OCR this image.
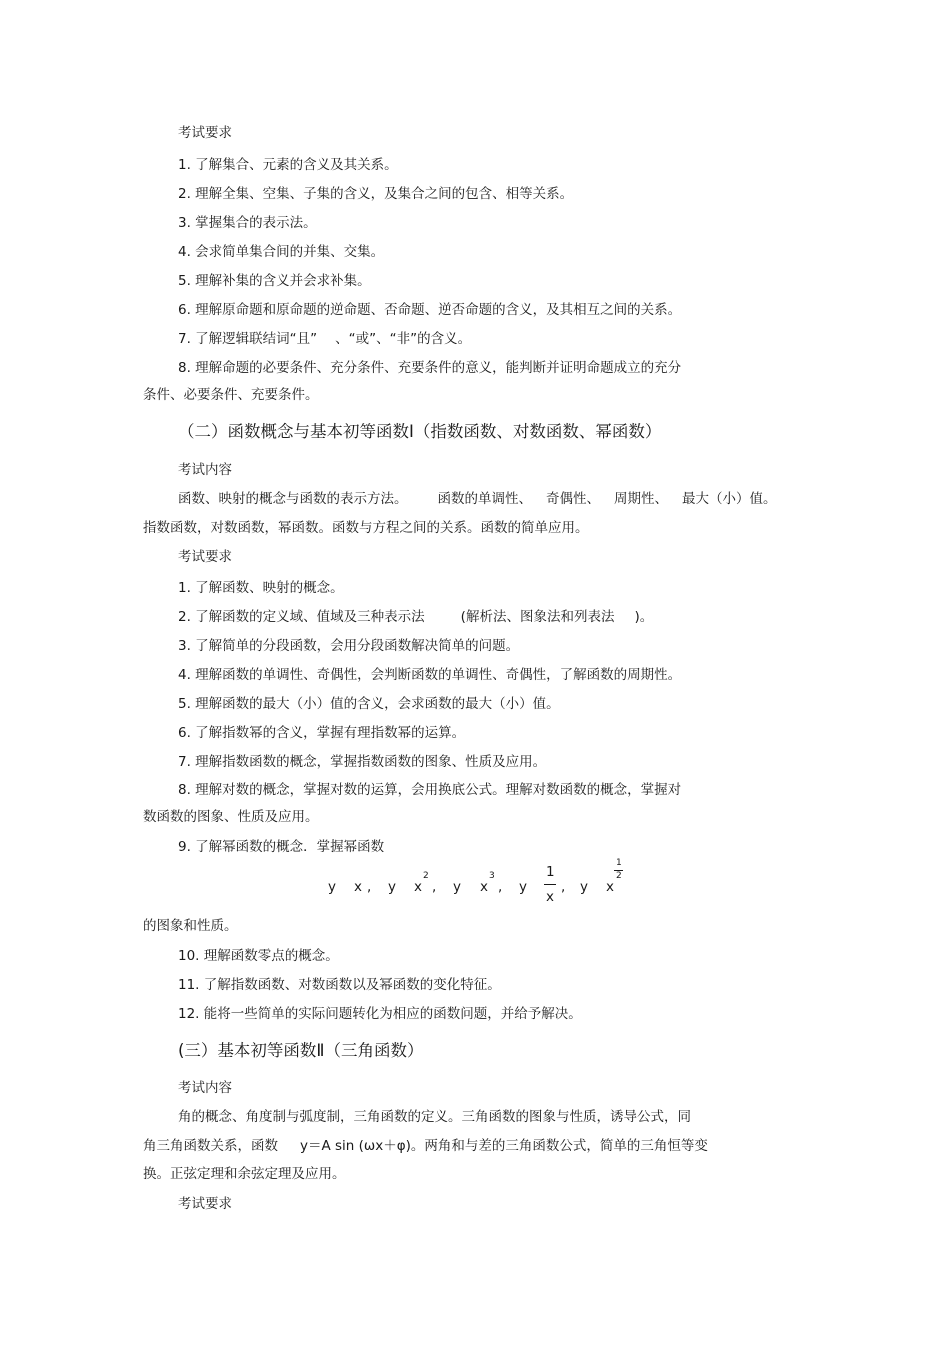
考试要求
1. 了解集合、元素的含义及其关系。
2. 理解全集、空集、子集的含义，及集合之间的包含、相等关系。
3. 掌握集合的表示法。
4. 会求简单集合间的并集、交集。
5. 理解补集的含义并会求补集。
6. 理解原命题和原命题的逆命题、否命题、逆否命题的含义，及其相互之间的关系。
7. 了解逻辑联结词“且” 、“或”、“非”的含义。
8. 理解命题的必要条件、充分条件、充要条件的意义，能判断并证明命题成立的充分
条件、必要条件、充要条件。
（二）函数概念与基本初等函数Ⅰ（指数函数、对数函数、幂函数）
考试内容
函数、映射的概念与函数的表示方法。 函数的单调性、 奇偶性、 周期性、 最大（小）值。
指数函数，对数函数，幂函数。函数与方程之间的关系。函数的简单应用。
考试要求
1. 了解函数、映射的概念。
2. 了解函数的定义域、值域及三种表示法	(解析法、图象法和列表法 )。
3. 了解简单的分段函数，会用分段函数解决简单的问题。
4. 理解函数的单调性、奇偶性，会判断函数的单调性、奇偶性，了解函数的周期性。
5. 理解函数的最大（小）值的含义，会求函数的最大（小）值。
6. 了解指数幂的含义，掌握有理指数幂的运算。
7. 理解指数函数的概念，掌握指数函数的图象、性质及应用。
8. 理解对数的概念，掌握对数的运算，会用换底公式。理解对数函数的概念，掌握对
数函数的图象、性质及应用。
9. 了解幂函数的概念．掌握幂函数
y x , y x
2
, y x
3
, y
1
x
, y x
1
2
的图象和性质。
10. 理解函数零点的概念。
11. 了解指数函数、对数函数以及幂函数的变化特征。
12. 能将一些简单的实际问题转化为相应的函数问题，并给予解决。
(三）基本初等函数Ⅱ（三角函数）
考试内容
角的概念、角度制与弧度制，三角函数的定义。三角函数的图象与性质，诱导公式，同
角三角函数关系，函数 y＝A sin (ωx＋φ)。两角和与差的三角函数公式，简单的三角恒等变
换。正弦定理和余弦定理及应用。
考试要求
